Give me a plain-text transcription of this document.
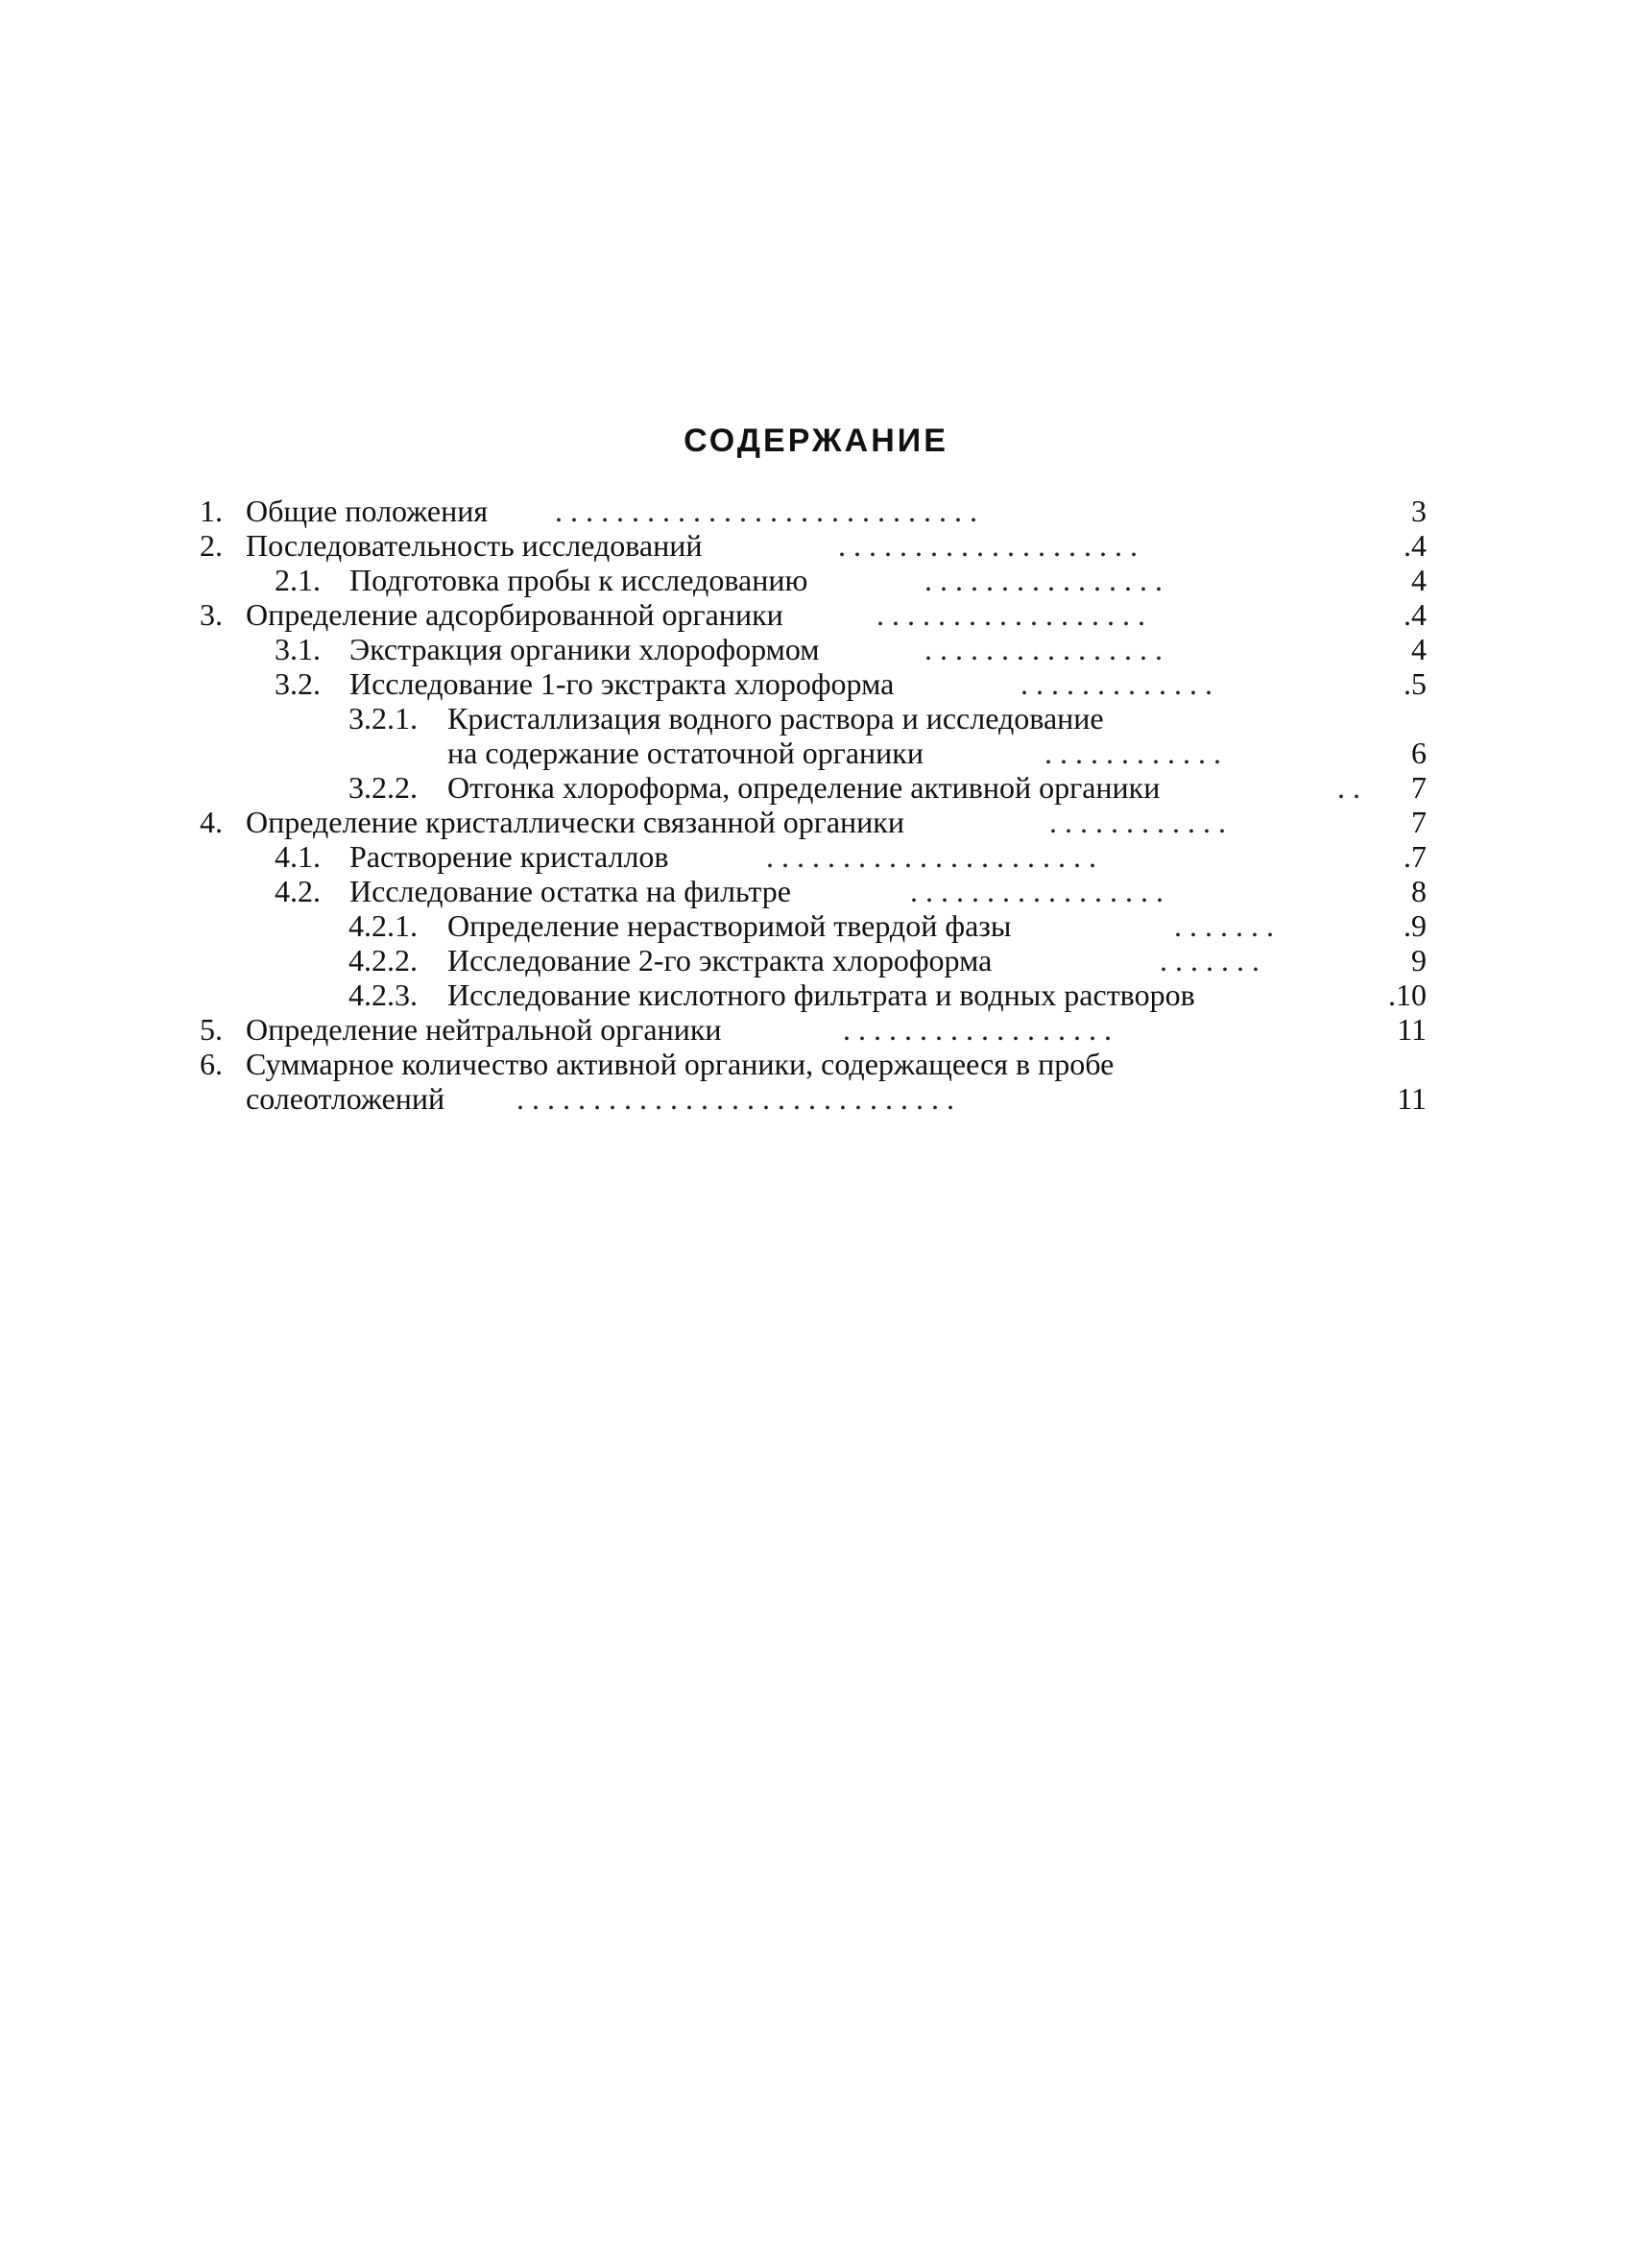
СОДЕРЖАНИЕ
1. Общие положения . . . . . . . . . . . . . . . . . . . . . . . . . . . .	3
2. Последовательность исследований	. . . . . . . . . . . . . . . . . . . .	.4
2.1. Подготовка пробы к исследованию	. . . . . . . . . . . . . . . .	4
3. Определение адсорбированной органики	. . . . . . . . . . . . . . . . . .	.4
3.1. Экстракция органики хлороформом	. . . . . . . . . . . . . . . .	4
3.2. Исследование 1-го экстракта хлороформа	. . . . . . . . . . . . .	.5
3.2.1. Кристаллизация водного раствора и исследование
на содержание остаточной органики	. . . . . . . . . . . .	6
3.2.2. Отгонка хлороформа, определение активной органики	. .	7
4. Определение кристаллически связанной органики	. . . . . . . . . . . .	7
4.1. Растворение кристаллов	. . . . . . . . . . . . . . . . . . . . . .	.7
4.2. Исследование остатка на фильтре	. . . . . . . . . . . . . . . . .	8
4.2.1. Определение нерастворимой твердой фазы	. . . . . . .	.9
4.2.2. Исследование 2-го экстракта хлороформа	. . . . . . .	9
4.2.3. Исследование кислотного фильтрата и водных растворов	.10
5. Определение нейтральной органики	. . . . . . . . . . . . . . . . . .	11
6. Суммарное количество активной органики, содержащееся в пробе
солеотложений . . . . . . . . . . . . . . . . . . . . . . . . . . . . .	11
